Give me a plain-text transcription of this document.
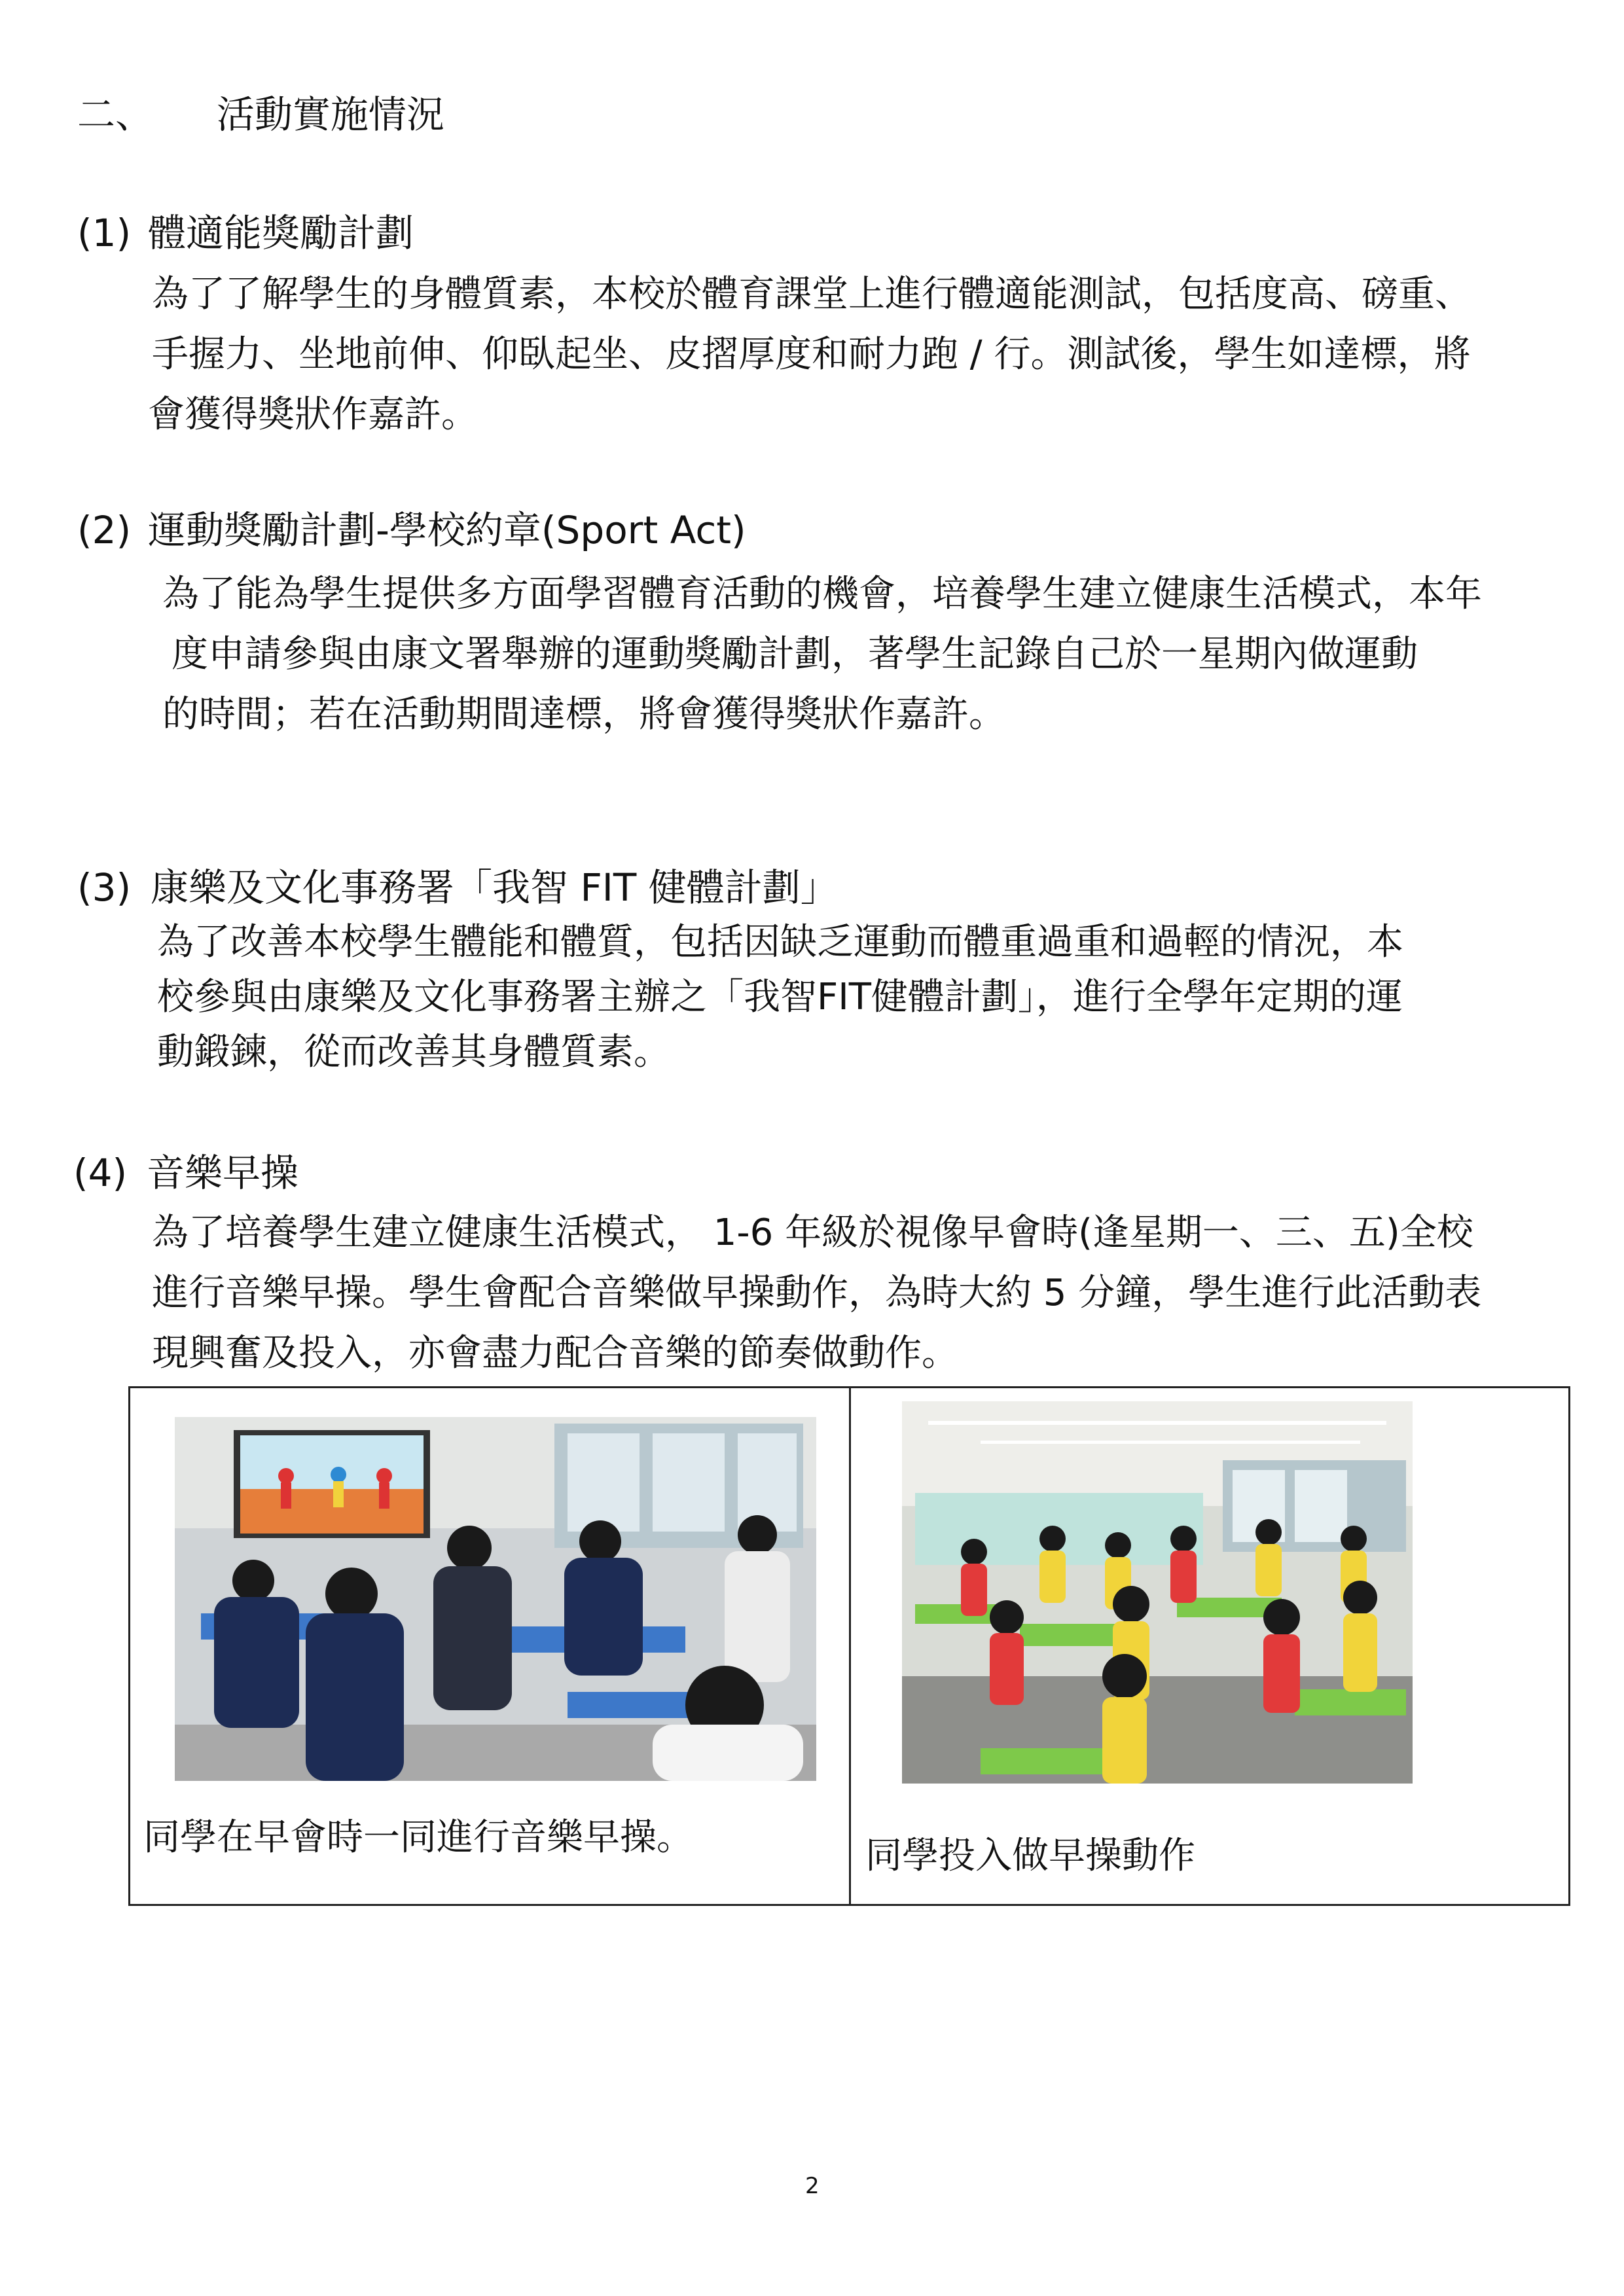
二、 活動實施情況
(1) 體適能獎勵計劃
為了了解學生的身體質素，本校於體育課堂上進行體適能測試，包括度高、磅重、
手握力、坐地前伸、仰臥起坐、皮摺厚度和耐力跑 / 行。測試後，學生如達標，將
會獲得獎狀作嘉許。
(2) 運動獎勵計劃-學校約章(Sport Act)
為了能為學生提供多方面學習體育活動的機會，培養學生建立健康生活模式，本年
度申請參與由康文署舉辦的運動獎勵計劃，著學生記錄自己於一星期內做運動
的時間；若在活動期間達標，將會獲得獎狀作嘉許。
(3) 康樂及文化事務署「我智 FIT 健體計劃」
為了改善本校學生體能和體質，包括因缺乏運動而體重過重和過輕的情況，本
校參與由康樂及文化事務署主辦之「我智FIT健體計劃」，進行全學年定期的運
動鍛鍊，從而改善其身體質素。
(4) 音樂早操
為了培養學生建立健康生活模式， 1-6 年級於視像早會時(逢星期一、三、五)全校
進行音樂早操。學生會配合音樂做早操動作，為時大約 5 分鐘，學生進行此活動表
現興奮及投入，亦會盡力配合音樂的節奏做動作。
同學在早會時一同進行音樂早操。	同學投入做早操動作
2
